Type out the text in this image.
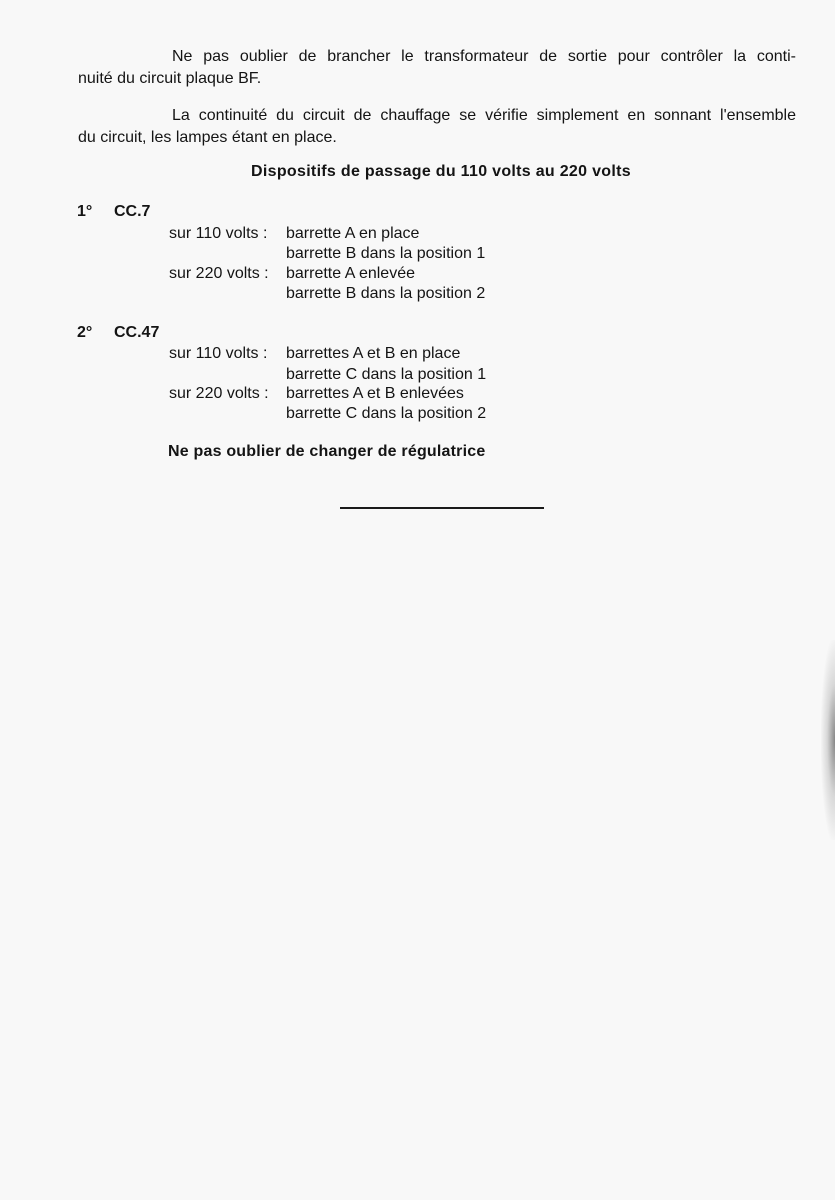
Ne pas oublier de brancher le transformateur de sortie pour contrôler la conti-
nuité du circuit plaque BF.
La continuité du circuit de chauffage se vérifie simplement en sonnant l'ensemble
du circuit, les lampes étant en place.
Dispositifs de passage du 110 volts au 220 volts
1° CC.7
sur 110 volts : barrette A en place
barrette B dans la position 1
sur 220 volts : barrette A enlevée
barrette B dans la position 2
2° CC.47
sur 110 volts : barrettes A et B en place
barrette C dans la position 1
sur 220 volts : barrettes A et B enlevées
barrette C dans la position 2
Ne pas oublier de changer de régulatrice
